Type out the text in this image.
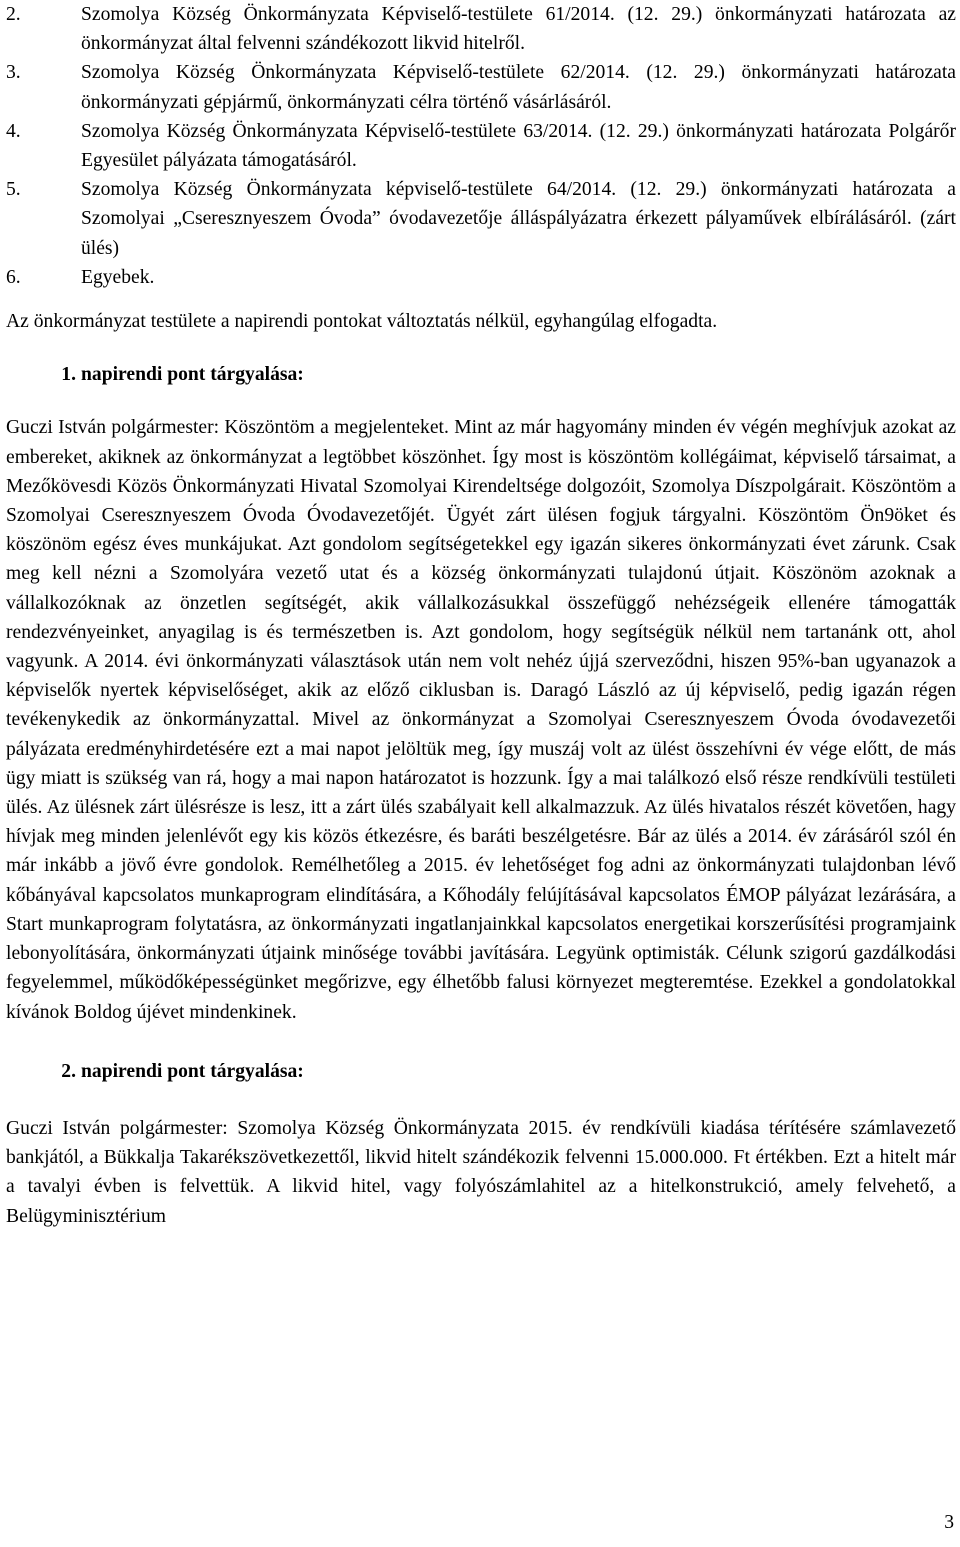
2.	Szomolya Község Önkormányzata Képviselő-testülete 61/2014. (12. 29.) önkormányzati határozata az önkormányzat által felvenni szándékozott likvid hitelről.
3.	Szomolya Község Önkormányzata Képviselő-testülete 62/2014. (12. 29.) önkormányzati határozata önkormányzati gépjármű, önkormányzati célra történő vásárlásáról.
4.	Szomolya Község Önkormányzata Képviselő-testülete 63/2014. (12. 29.) önkormányzati határozata Polgárőr Egyesület pályázata támogatásáról.
5.	Szomolya Község Önkormányzata képviselő-testülete 64/2014. (12. 29.) önkormányzati határozata a Szomolyai „Cseresznyeszem Óvoda” óvodavezetője álláspályázatra érkezett pályaművek elbírálásáról. (zárt ülés)
6.	Egyebek.

Az önkormányzat testülete a napirendi pontokat változtatás nélkül, egyhangúlag elfogadta.

1. napirendi pont tárgyalása:

Guczi István polgármester: Köszöntöm a megjelenteket. Mint az már hagyomány minden év végén meghívjuk azokat az embereket, akiknek az önkormányzat a legtöbbet köszönhet. Így most is köszöntöm kollégáimat, képviselő társaimat, a Mezőkövesdi Közös Önkormányzati Hivatal Szomolyai Kirendeltsége dolgozóit, Szomolya Díszpolgárait. Köszöntöm a Szomolyai Cseresznyeszem Óvoda Óvodavezetőjét. Ügyét zárt ülésen fogjuk tárgyalni. Köszöntöm Ön9öket és köszönöm egész éves munkájukat. Azt gondolom segítségetekkel egy igazán sikeres önkormányzati évet zárunk. Csak meg kell nézni a Szomolyára vezető utat és a község önkormányzati tulajdonú útjait. Köszönöm azoknak a vállalkozóknak az önzetlen segítségét, akik vállalkozásukkal összefüggő nehézségeik ellenére támogatták rendezvényeinket, anyagilag is és természetben is. Azt gondolom, hogy segítségük nélkül nem tartanánk ott, ahol vagyunk. A 2014. évi önkormányzati választások után nem volt nehéz újjá szerveződni, hiszen 95%-ban ugyanazok a képviselők nyertek képviselőséget, akik az előző ciklusban is. Daragó László az új képviselő, pedig igazán régen tevékenykedik az önkormányzattal. Mivel az önkormányzat a Szomolyai Cseresznyeszem Óvoda óvodavezetői pályázata eredményhirdetésére ezt a mai napot jelöltük meg, így muszáj volt az ülést összehívni év vége előtt, de más ügy miatt is szükség van rá, hogy a mai napon határozatot is hozzunk. Így a mai találkozó első része rendkívüli testületi ülés. Az ülésnek zárt ülésrésze is lesz, itt a zárt ülés szabályait kell alkalmazzuk. Az ülés hivatalos részét követően, hagy hívjak meg minden jelenlévőt egy kis közös étkezésre, és baráti beszélgetésre. Bár az ülés a 2014. év zárásáról szól én már inkább a jövő évre gondolok. Remélhetőleg a 2015. év lehetőséget fog adni az önkormányzati tulajdonban lévő kőbányával kapcsolatos munkaprogram elindítására, a Kőhodály felújításával kapcsolatos ÉMOP pályázat lezárására, a Start munkaprogram folytatásra, az önkormányzati ingatlanjainkkal kapcsolatos energetikai korszerűsítési programjaink lebonyolítására, önkormányzati útjaink minősége további javítására. Legyünk optimisták. Célunk szigorú gazdálkodási fegyelemmel, működőképességünket megőrizve, egy élhetőbb falusi környezet megteremtése. Ezekkel a gondolatokkal kívánok Boldog újévet mindenkinek.

2. napirendi pont tárgyalása:

Guczi István polgármester: Szomolya Község Önkormányzata 2015. év rendkívüli kiadása térítésére számlavezető bankjától, a Bükkalja Takarékszövetkezettől, likvid hitelt szándékozik felvenni 15.000.000. Ft értékben. Ezt a hitelt már a tavalyi évben is felvettük. A likvid hitel, vagy folyószámlahitel az a hitelkonstrukció, amely felvehető, a Belügyminisztérium

3
